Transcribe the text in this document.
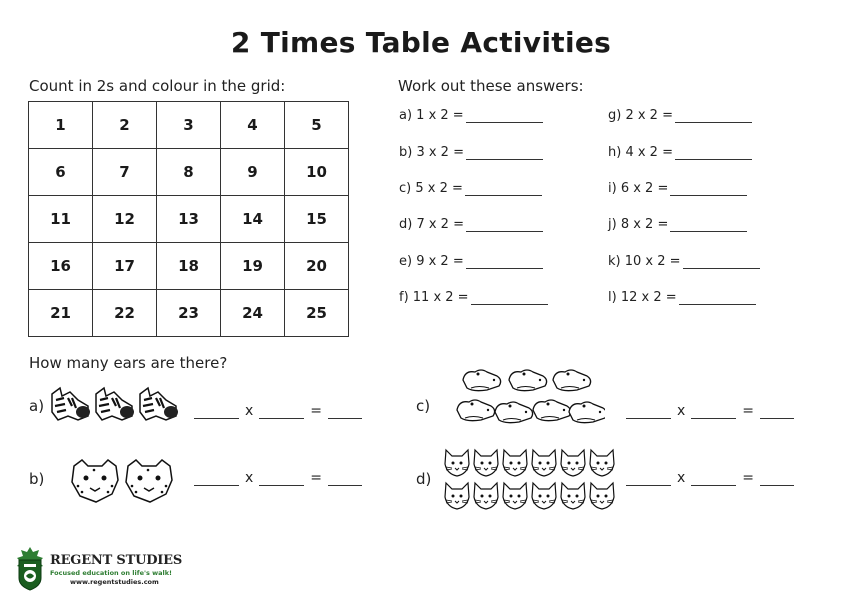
2 Times Table Activities
Count in 2s and colour in the grid:
1	2	3	4	5
6	7	8	9	10
11	12	13	14	15
16	17	18	19	20
21	22	23	24	25
Work out these answers:
a) 1 x 2 =
b) 3 x 2 =
c) 5 x 2 =
d) 7 x 2 =
e) 9 x 2 =
f) 11 x 2 =
g) 2 x 2 =
h) 4 x 2 =
i) 6 x 2 =
j) 8 x 2 =
k) 10 x 2 =
l) 12 x 2 =
How many ears are there?
a)	x	=
b)	x	=
c)	x	=
d)	x	=
REGENT STUDIES
Focused education on life's walk!
www.regentstudies.com
